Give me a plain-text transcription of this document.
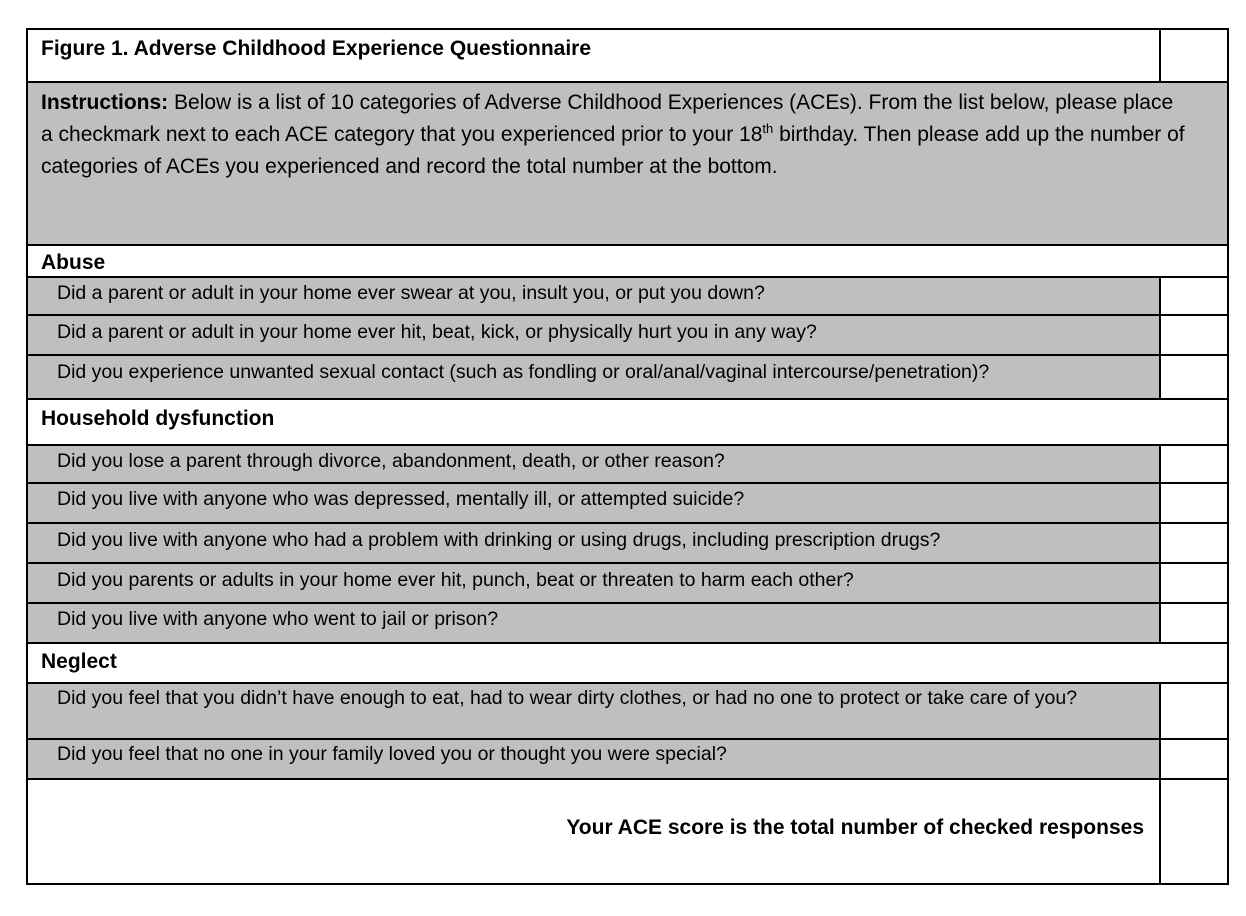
Figure 1. Adverse Childhood Experience Questionnaire
Instructions: Below is a list of 10 categories of Adverse Childhood Experiences (ACEs). From the list below, please place a checkmark next to each ACE category that you experienced prior to your 18th birthday. Then please add up the number of categories of ACEs you experienced and record the total number at the bottom.
Abuse
Did a parent or adult in your home ever swear at you, insult you, or put you down?
Did a parent or adult in your home ever hit, beat, kick, or physically hurt you in any way?
Did you experience unwanted sexual contact (such as fondling or oral/anal/vaginal intercourse/penetration)?
Household dysfunction
Did you lose a parent through divorce, abandonment, death, or other reason?
Did you live with anyone who was depressed, mentally ill, or attempted suicide?
Did you live with anyone who had a problem with drinking or using drugs, including prescription drugs?
Did you parents or adults in your home ever hit, punch, beat or threaten to harm each other?
Did you live with anyone who went to jail or prison?
Neglect
Did you feel that you didn’t have enough to eat, had to wear dirty clothes, or had no one to protect or take care of you?
Did you feel that no one in your family loved you or thought you were special?
Your ACE score is the total number of checked responses
